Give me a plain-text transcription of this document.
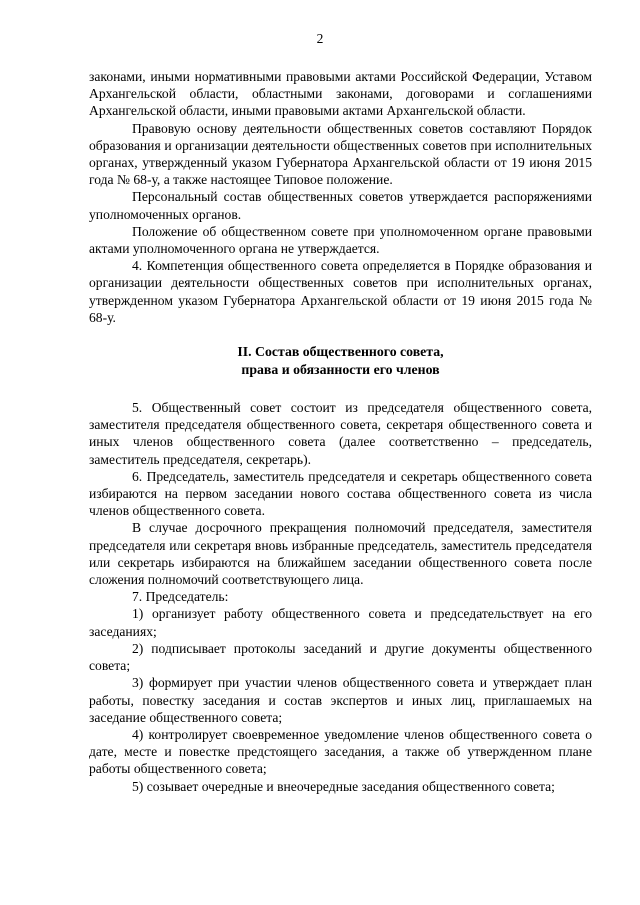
2

законами, иными нормативными правовыми актами Российской Федерации, Уставом Архангельской области, областными законами, договорами и соглашениями Архангельской области, иными правовыми актами Архангельской области.

Правовую основу деятельности общественных советов составляют Порядок образования и организации деятельности общественных советов при исполнительных органах, утвержденный указом Губернатора Архангельской области от 19 июня 2015 года № 68-у, а также настоящее Типовое положение.

Персональный состав общественных советов утверждается распоряжениями уполномоченных органов.

Положение об общественном совете при уполномоченном органе правовыми актами уполномоченного органа не утверждается.

4. Компетенция общественного совета определяется в Порядке образования и организации деятельности общественных советов при исполнительных органах, утвержденном указом Губернатора Архангельской области от 19 июня 2015 года № 68-у.

II. Состав общественного совета,
права и обязанности его членов

5. Общественный совет состоит из председателя общественного совета, заместителя председателя общественного совета, секретаря общественного совета и иных членов общественного совета (далее соответственно – председатель, заместитель председателя, секретарь).

6. Председатель, заместитель председателя и секретарь общественного совета избираются на первом заседании нового состава общественного совета из числа членов общественного совета.

В случае досрочного прекращения полномочий председателя, заместителя председателя или секретаря вновь избранные председатель, заместитель председателя или секретарь избираются на ближайшем заседании общественного совета после сложения полномочий соответствующего лица.

7. Председатель:

1) организует работу общественного совета и председательствует на его заседаниях;

2) подписывает протоколы заседаний и другие документы общественного совета;

3) формирует при участии членов общественного совета и утверждает план работы, повестку заседания и состав экспертов и иных лиц, приглашаемых на заседание общественного совета;

4) контролирует своевременное уведомление членов общественного совета о дате, месте и повестке предстоящего заседания, а также об утвержденном плане работы общественного совета;

5) созывает очередные и внеочередные заседания общественного совета;
